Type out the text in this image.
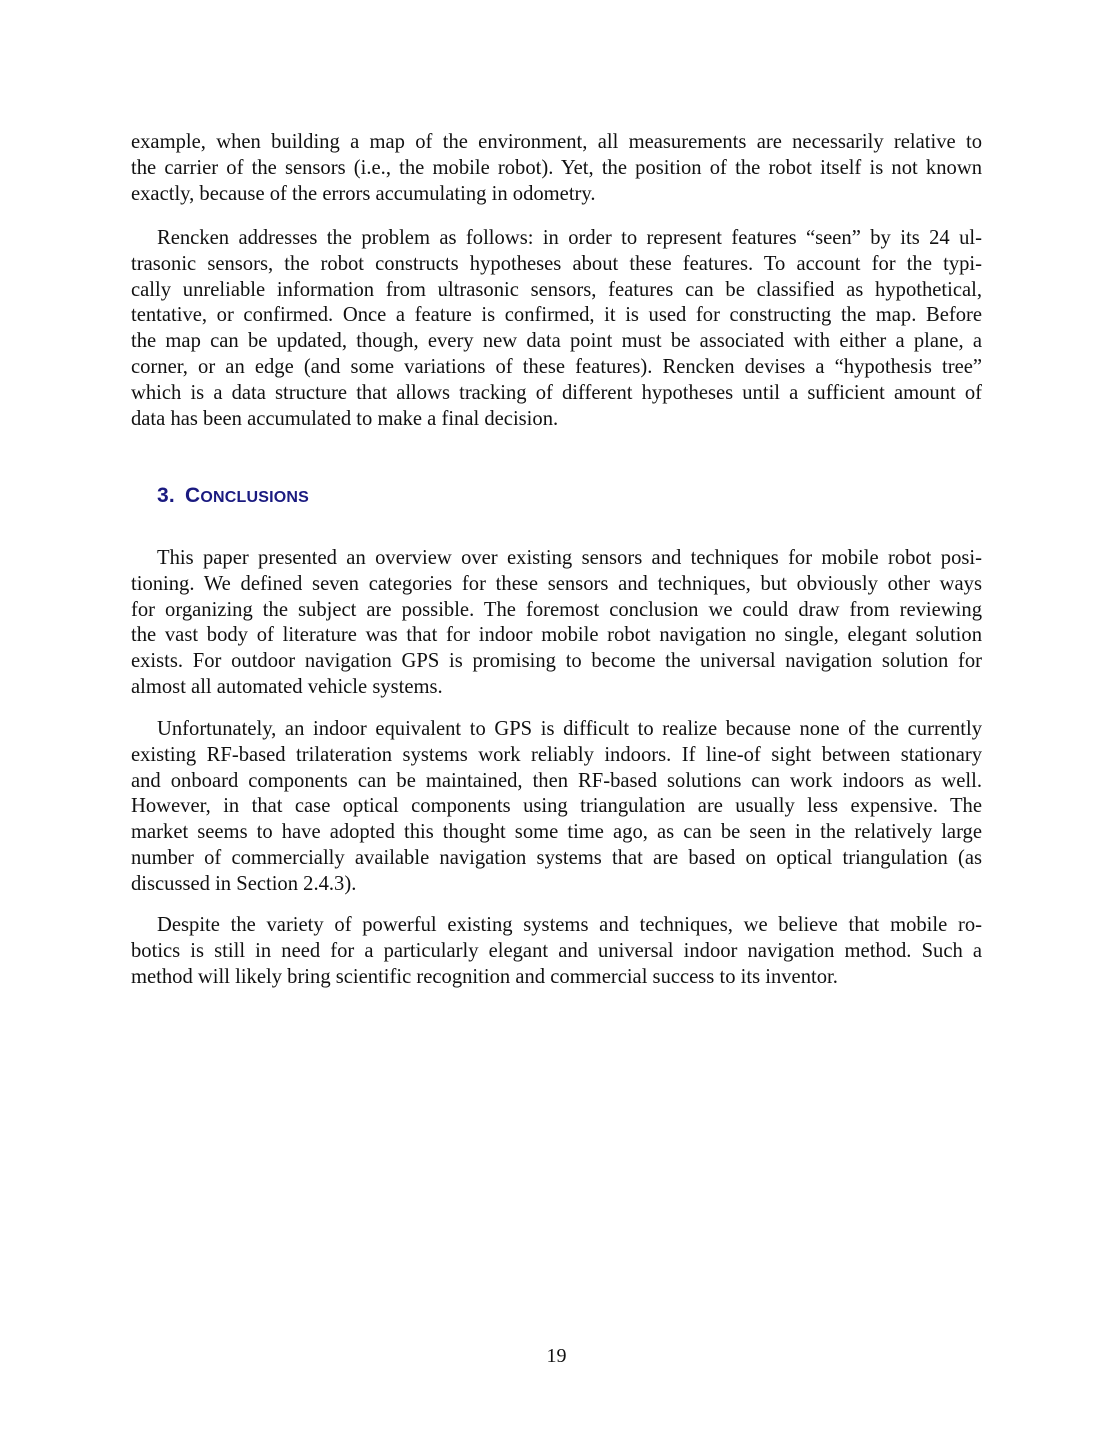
example, when building a map of the environment, all measurements are necessarily relative to
the carrier of the sensors (i.e., the mobile robot). Yet, the position of the robot itself is not known
exactly, because of the errors accumulating in odometry.
Rencken addresses the problem as follows: in order to represent features “seen” by its 24 ul-
trasonic sensors, the robot constructs hypotheses about these features. To account for the typi-
cally unreliable information from ultrasonic sensors, features can be classified as hypothetical,
tentative, or confirmed. Once a feature is confirmed, it is used for constructing the map. Before
the map can be updated, though, every new data point must be associated with either a plane, a
corner, or an edge (and some variations of these features). Rencken devises a “hypothesis tree”
which is a data structure that allows tracking of different hypotheses until a sufficient amount of
data has been accumulated to make a final decision.
3. CONCLUSIONS
This paper presented an overview over existing sensors and techniques for mobile robot posi-
tioning. We defined seven categories for these sensors and techniques, but obviously other ways
for organizing the subject are possible. The foremost conclusion we could draw from reviewing
the vast body of literature was that for indoor mobile robot navigation no single, elegant solution
exists. For outdoor navigation GPS is promising to become the universal navigation solution for
almost all automated vehicle systems.
Unfortunately, an indoor equivalent to GPS is difficult to realize because none of the currently
existing RF-based trilateration systems work reliably indoors. If line-of sight between stationary
and onboard components can be maintained, then RF-based solutions can work indoors as well.
However, in that case optical components using triangulation are usually less expensive. The
market seems to have adopted this thought some time ago, as can be seen in the relatively large
number of commercially available navigation systems that are based on optical triangulation (as
discussed in Section 2.4.3).
Despite the variety of powerful existing systems and techniques, we believe that mobile ro-
botics is still in need for a particularly elegant and universal indoor navigation method. Such a
method will likely bring scientific recognition and commercial success to its inventor.
19
